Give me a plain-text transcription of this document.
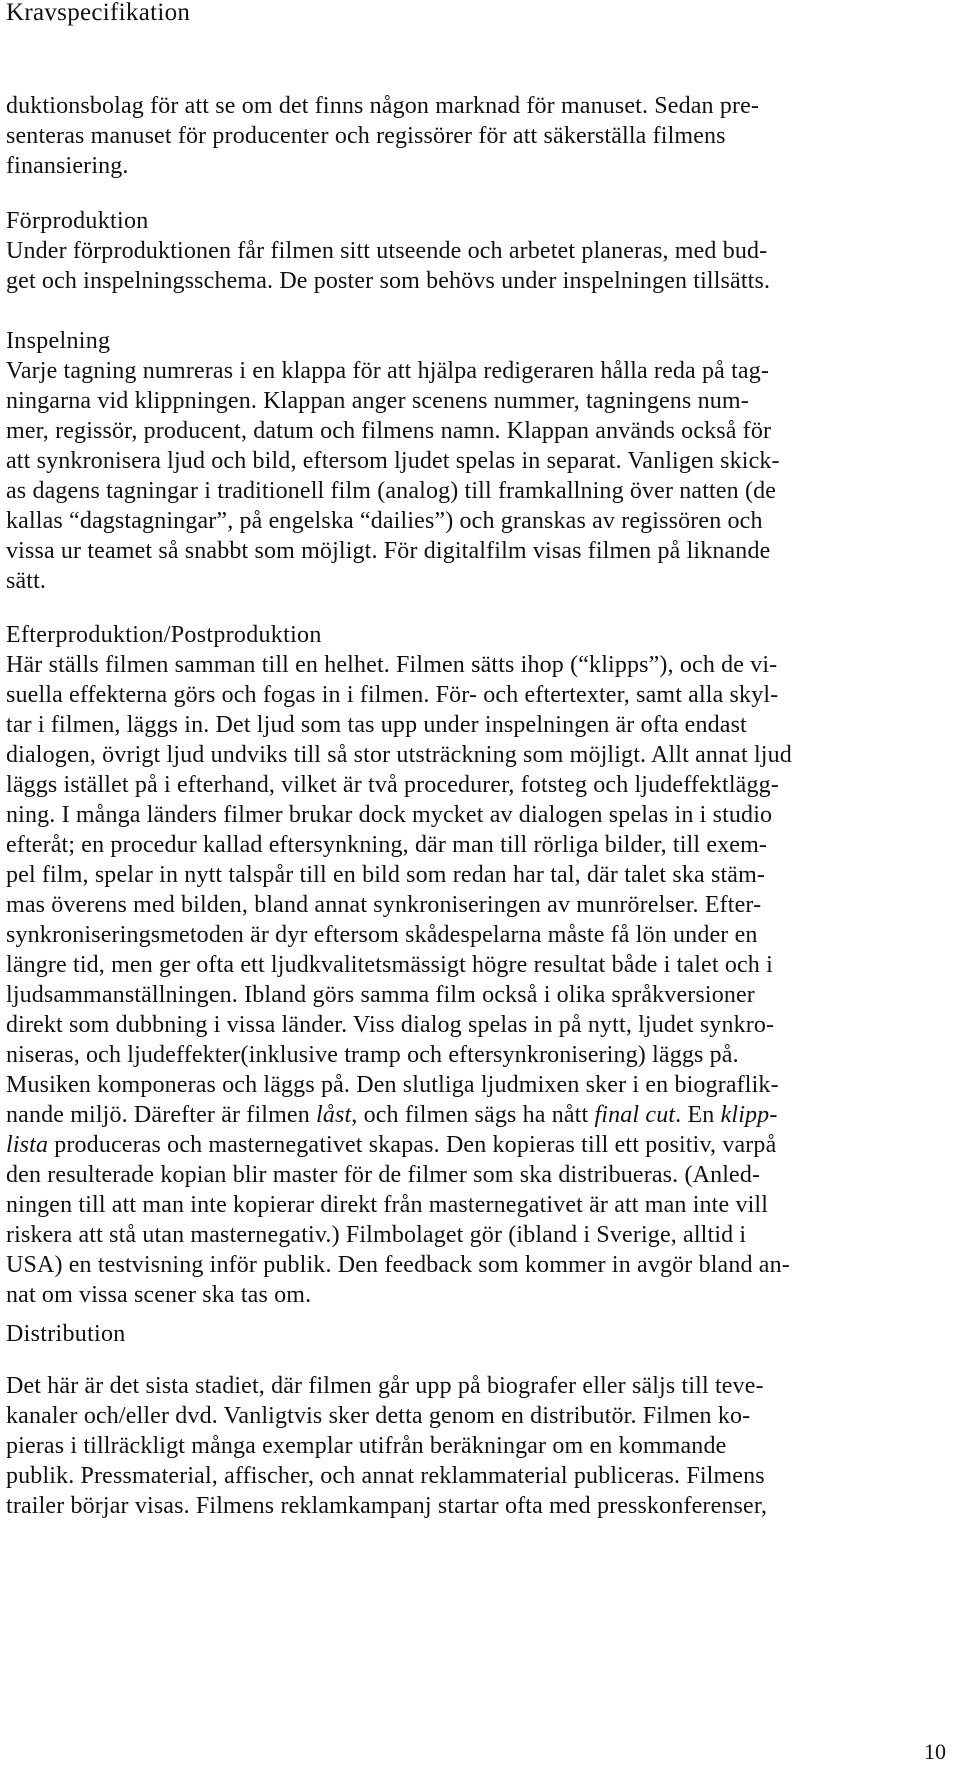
Kravspecifikation
duktionsbolag för att se om det finns någon marknad för manuset. Sedan pre-
senteras manuset för producenter och regissörer för att säkerställa filmens
finansiering.
Förproduktion
Under förproduktionen får filmen sitt utseende och arbetet planeras, med bud-
get och inspelningsschema. De poster som behövs under inspelningen tillsätts.
Inspelning
Varje tagning numreras i en klappa för att hjälpa redigeraren hålla reda på tag-
ningarna vid klippningen. Klappan anger scenens nummer, tagningens num-
mer, regissör, producent, datum och filmens namn. Klappan används också för
att synkronisera ljud och bild, eftersom ljudet spelas in separat. Vanligen skick-
as dagens tagningar i traditionell film (analog) till framkallning över natten (de
kallas “dagstagningar”, på engelska “dailies”) och granskas av regissören och
vissa ur teamet så snabbt som möjligt. För digitalfilm visas filmen på liknande
sätt.
Efterproduktion/Postproduktion
Här ställs filmen samman till en helhet. Filmen sätts ihop (“klipps”), och de vi-
suella effekterna görs och fogas in i filmen. För- och eftertexter, samt alla skyl-
tar i filmen, läggs in. Det ljud som tas upp under inspelningen är ofta endast
dialogen, övrigt ljud undviks till så stor utsträckning som möjligt. Allt annat ljud
läggs istället på i efterhand, vilket är två procedurer, fotsteg och ljudeffektlägg-
ning. I många länders filmer brukar dock mycket av dialogen spelas in i studio
efteråt; en procedur kallad eftersynkning, där man till rörliga bilder, till exem-
pel film, spelar in nytt talspår till en bild som redan har tal, där talet ska stäm-
mas överens med bilden, bland annat synkroniseringen av munrörelser. Efter-
synkroniseringsmetoden är dyr eftersom skådespelarna måste få lön under en
längre tid, men ger ofta ett ljudkvalitetsmässigt högre resultat både i talet och i
ljudsammanställningen. Ibland görs samma film också i olika språkversioner
direkt som dubbning i vissa länder. Viss dialog spelas in på nytt, ljudet synkro-
niseras, och ljudeffekter(inklusive tramp och eftersynkronisering) läggs på.
Musiken komponeras och läggs på. Den slutliga ljudmixen sker i en biograflik-
nande miljö. Därefter är filmen låst, och filmen sägs ha nått final cut. En klipp-
lista produceras och masternegativet skapas. Den kopieras till ett positiv, varpå
den resulterade kopian blir master för de filmer som ska distribueras. (Anled-
ningen till att man inte kopierar direkt från masternegativet är att man inte vill
riskera att stå utan masternegativ.) Filmbolaget gör (ibland i Sverige, alltid i
USA) en testvisning inför publik. Den feedback som kommer in avgör bland an-
nat om vissa scener ska tas om.
Distribution
Det här är det sista stadiet, där filmen går upp på biografer eller säljs till teve-
kanaler och/eller dvd. Vanligtvis sker detta genom en distributör. Filmen ko-
pieras i tillräckligt många exemplar utifrån beräkningar om en kommande
publik. Pressmaterial, affischer, och annat reklammaterial publiceras. Filmens
trailer börjar visas. Filmens reklamkampanj startar ofta med presskonferenser,
10
